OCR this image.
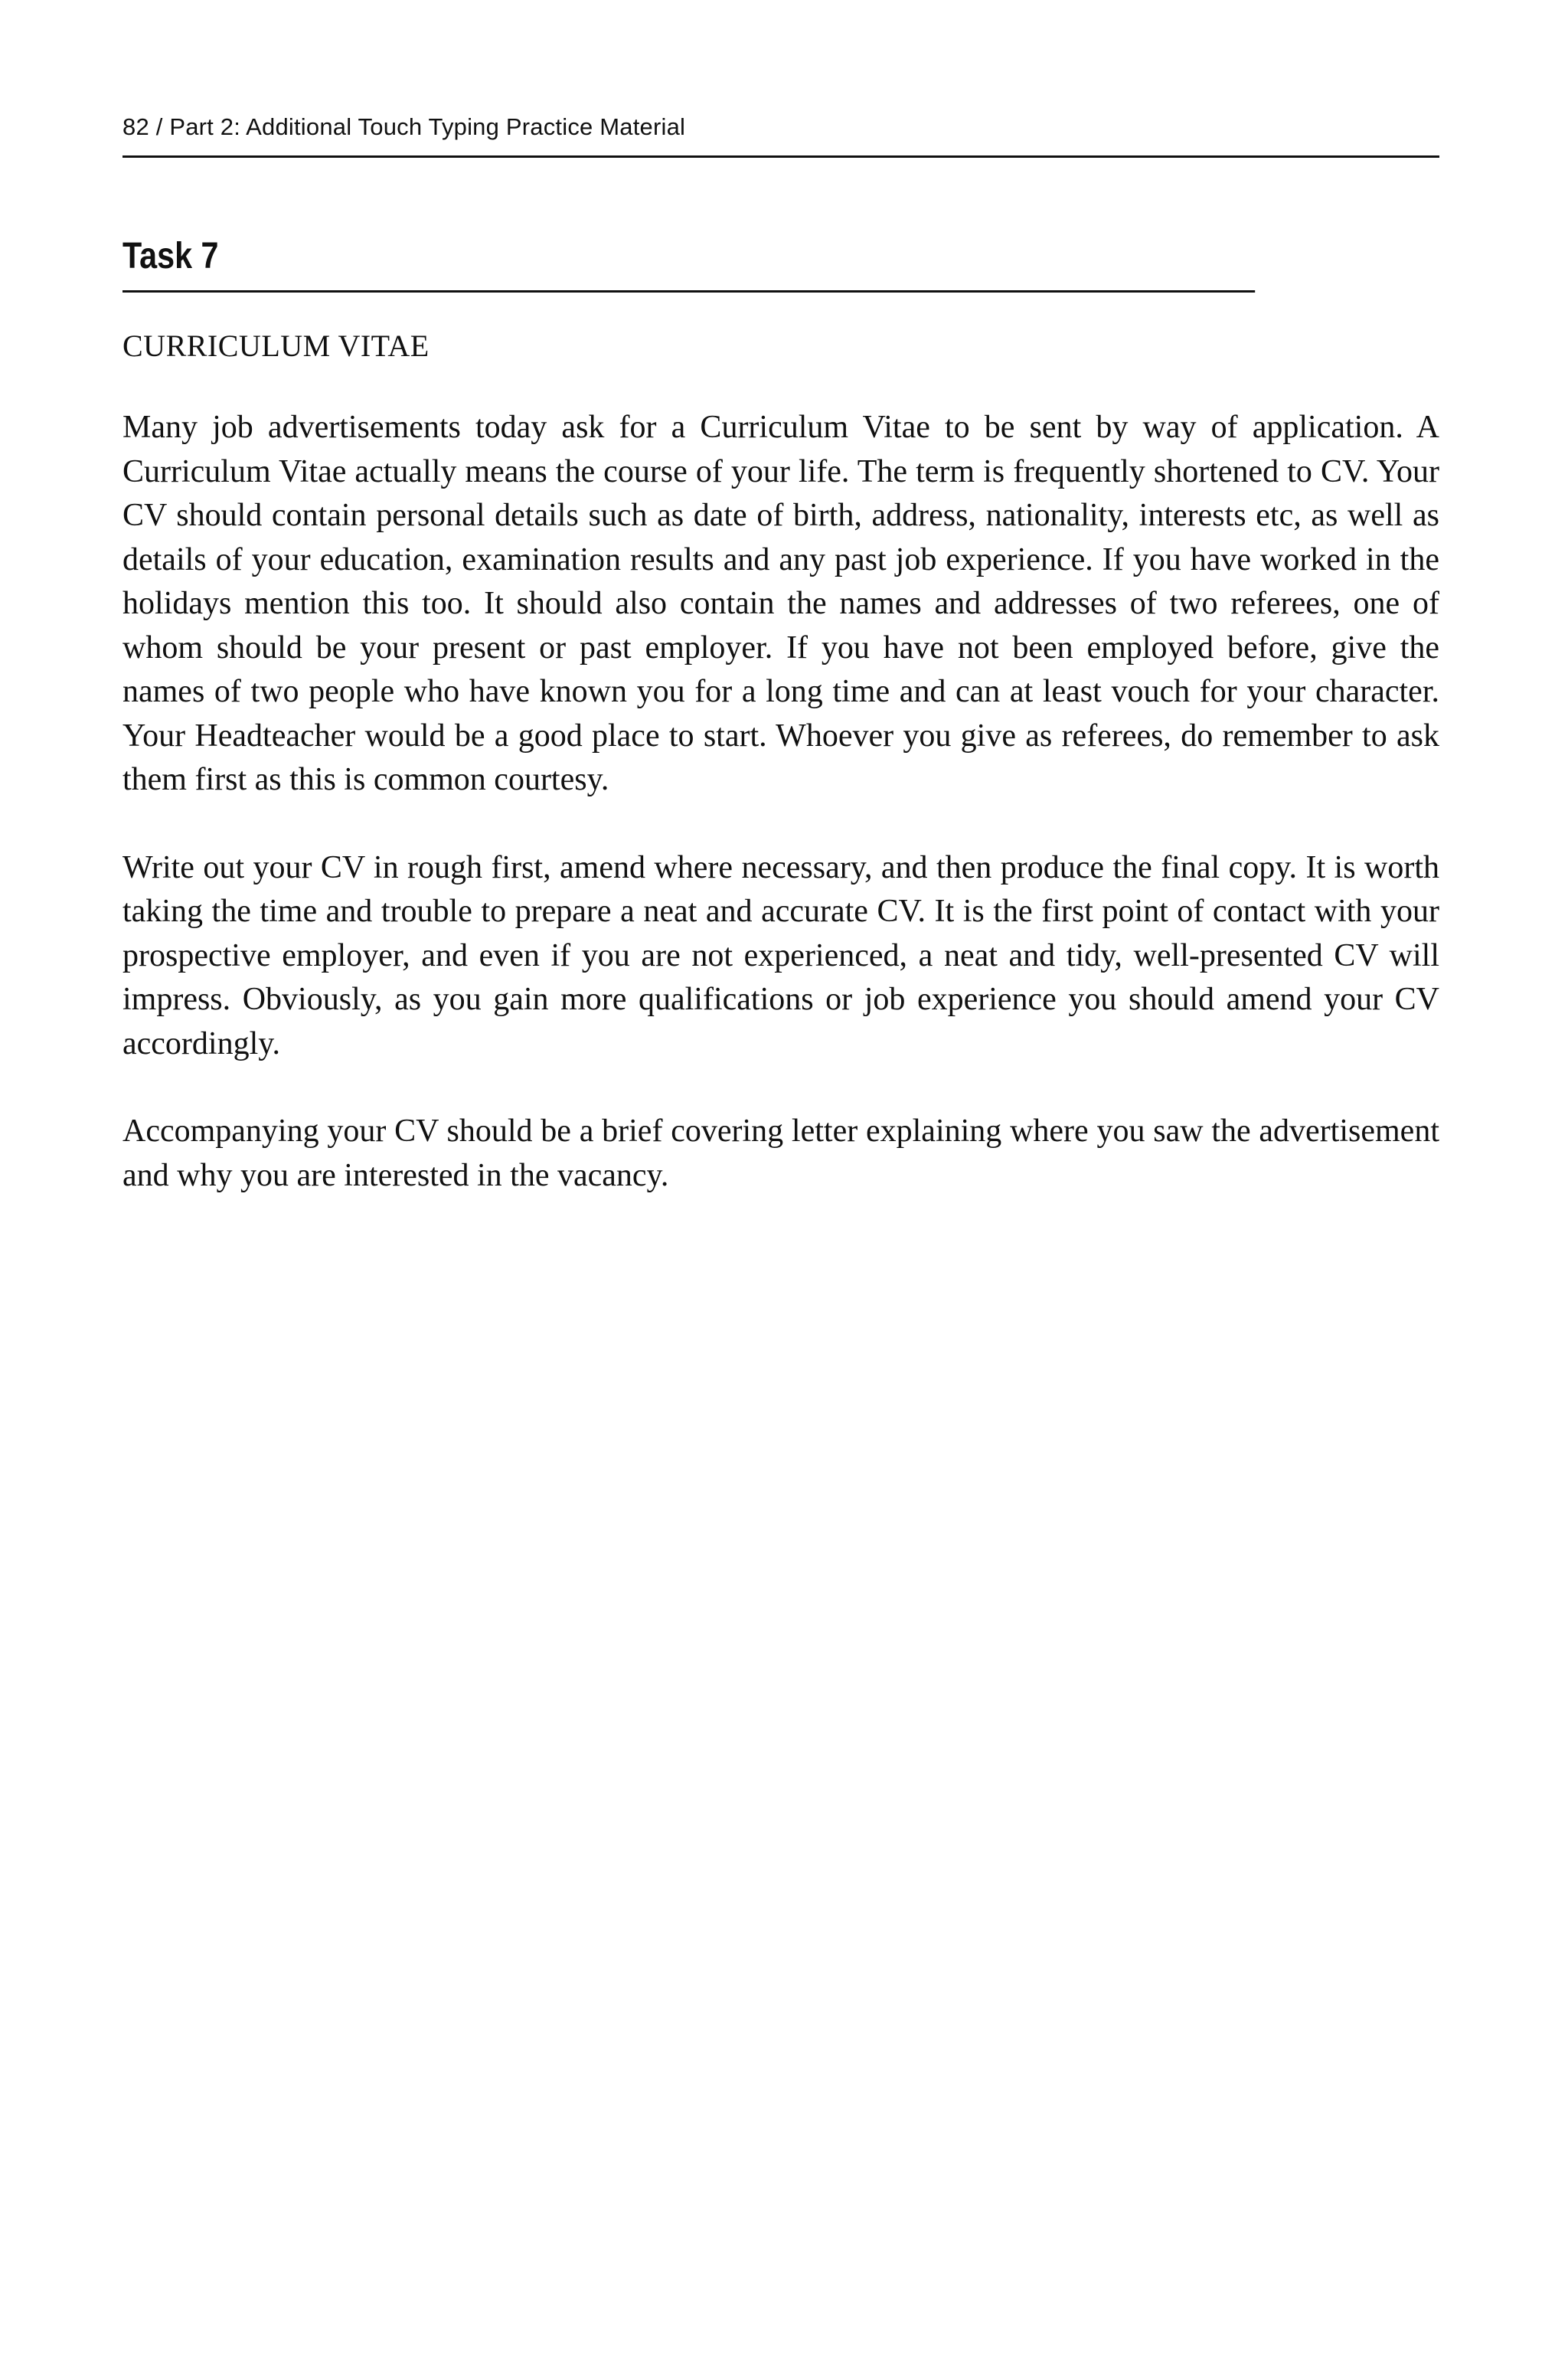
82 / Part 2: Additional Touch Typing Practice Material
Task 7
CURRICULUM VITAE

Many job advertisements today ask for a Curriculum Vitae to be sent by way of application. A Curriculum Vitae actually means the course of your life. The term is frequently shortened to CV. Your CV should contain personal details such as date of birth, address, nationality, interests etc, as well as details of your education, examination results and any past job experience. If you have worked in the holidays mention this too. It should also contain the names and addresses of two referees, one of whom should be your present or past employer. If you have not been employed before, give the names of two people who have known you for a long time and can at least vouch for your character. Your Headteacher would be a good place to start. Whoever you give as referees, do remember to ask them first as this is common courtesy.

Write out your CV in rough first, amend where necessary, and then produce the final copy. It is worth taking the time and trouble to prepare a neat and accurate CV. It is the first point of contact with your prospective employer, and even if you are not experienced, a neat and tidy, well-presented CV will impress. Obviously, as you gain more qualifications or job experience you should amend your CV accordingly.

Accompanying your CV should be a brief covering letter explaining where you saw the advertisement and why you are interested in the vacancy.
